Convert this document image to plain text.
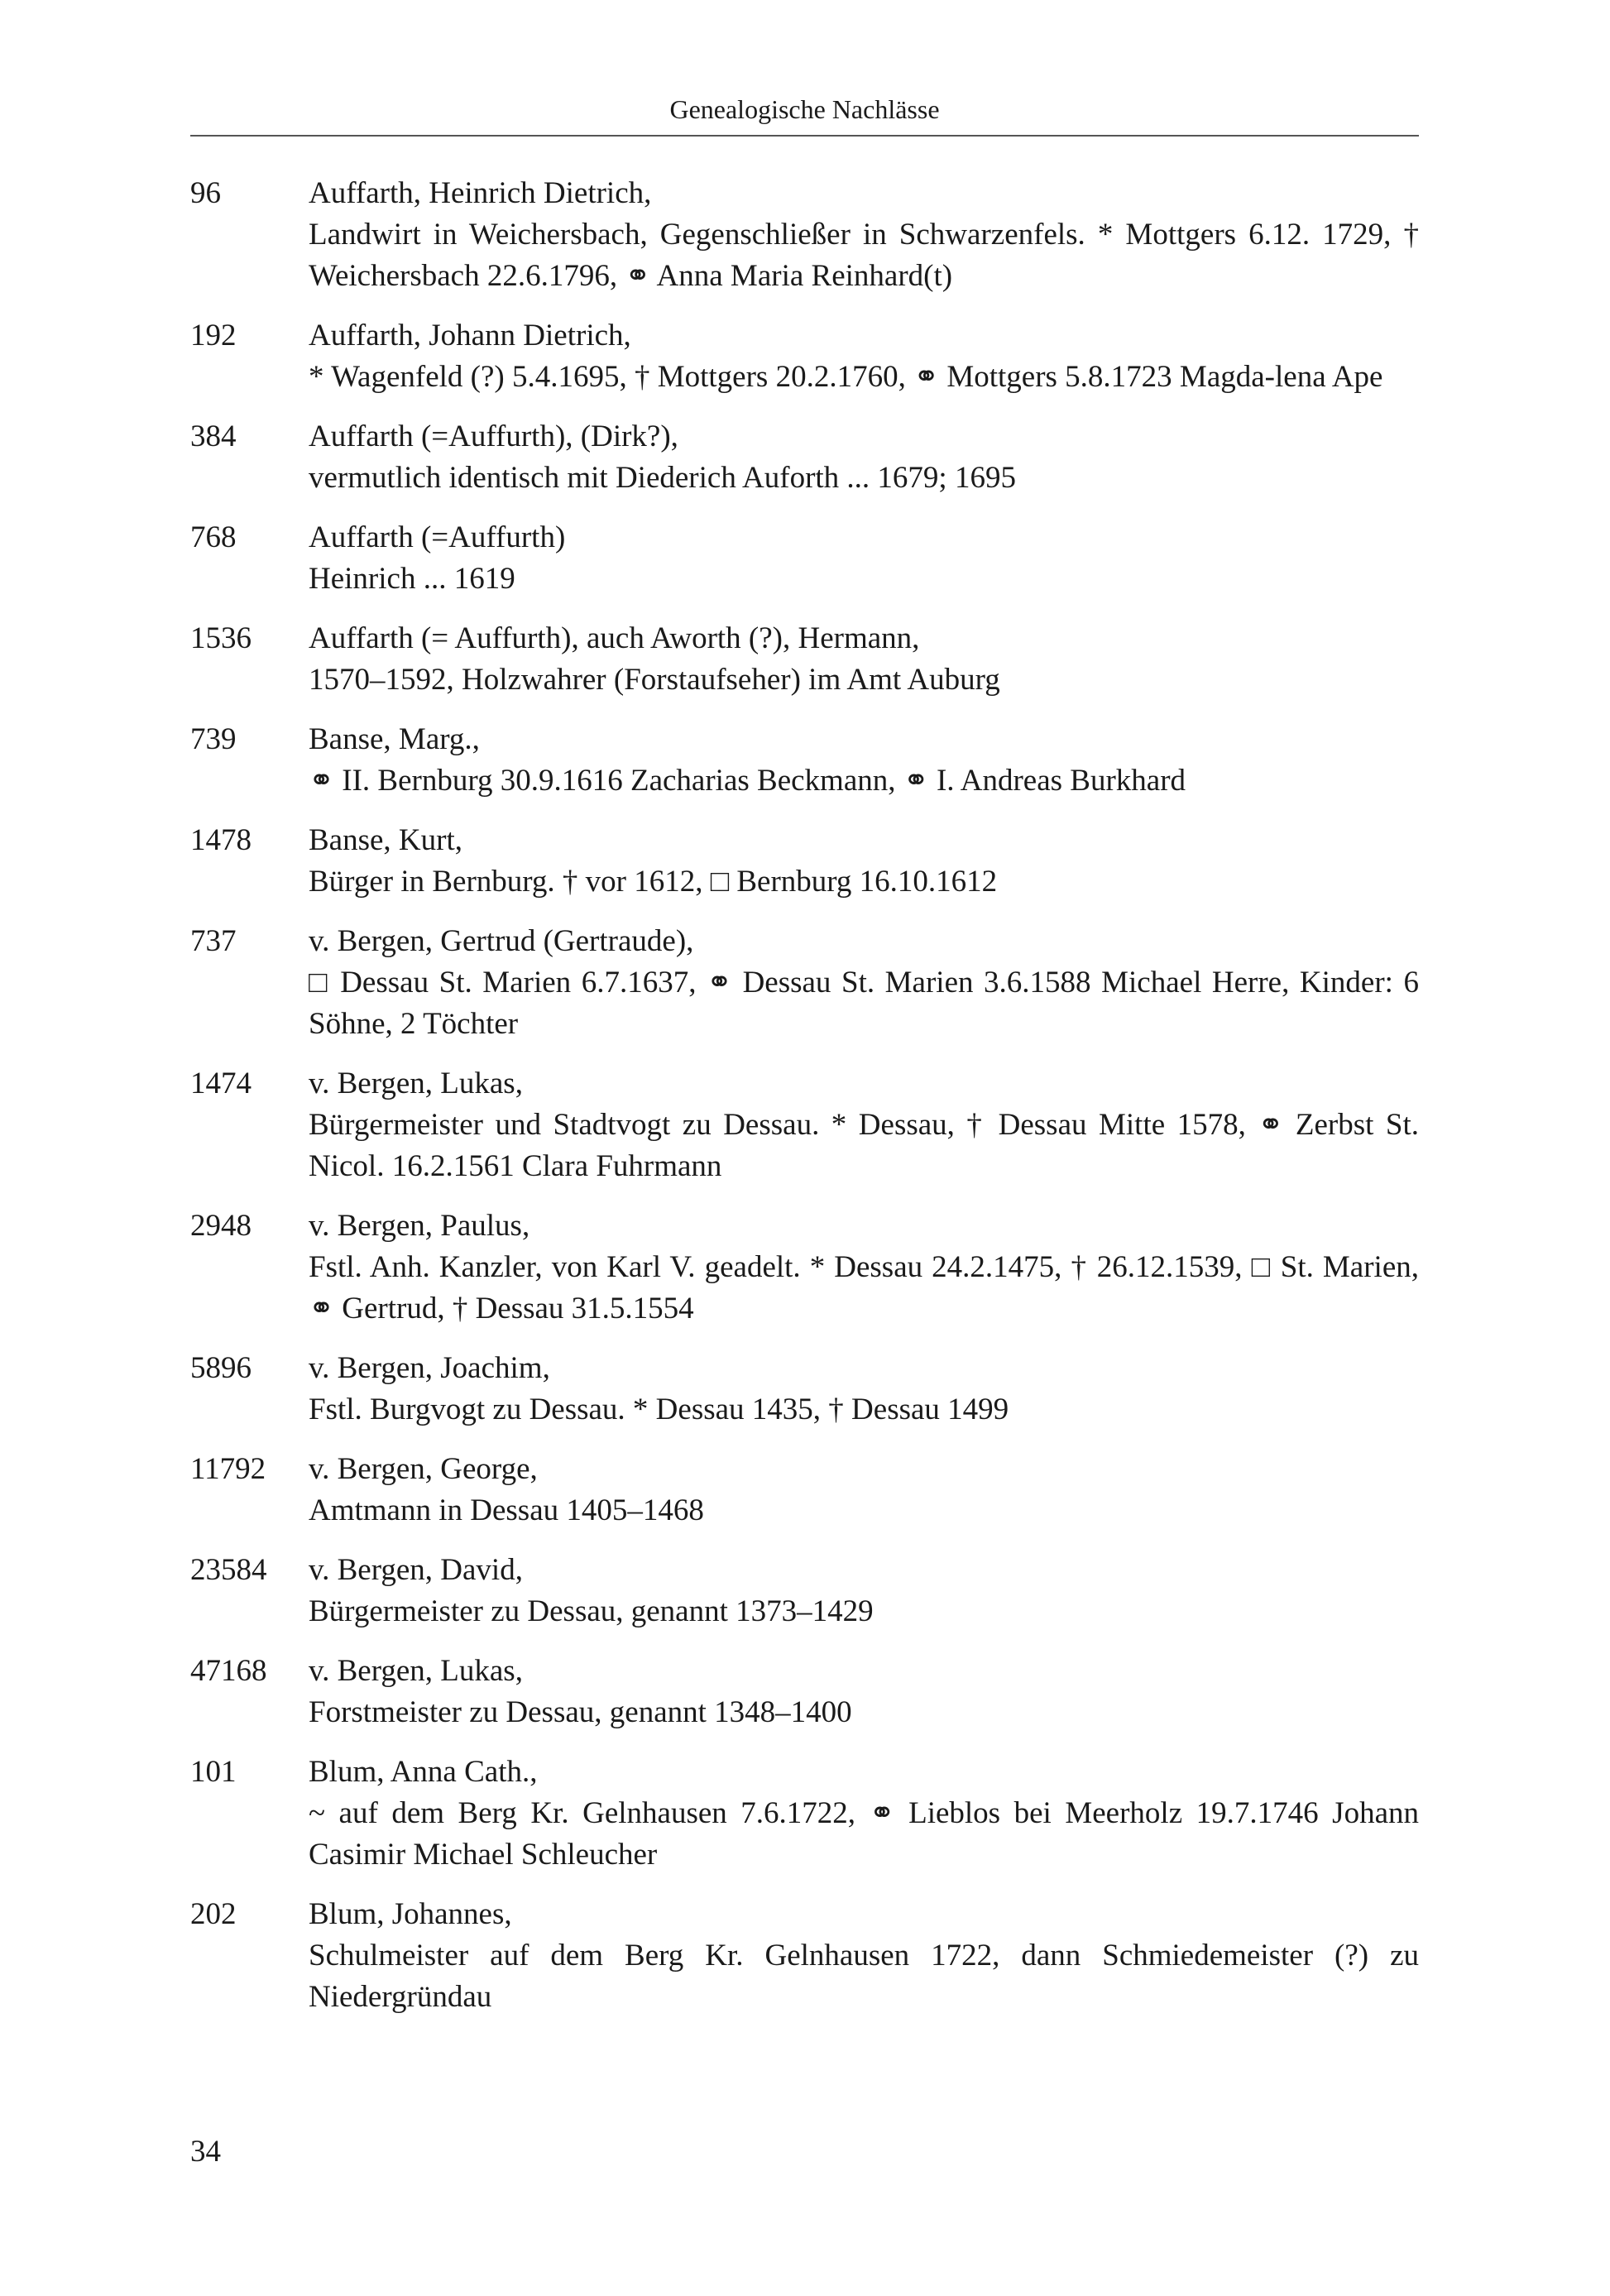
Genealogische Nachlässe
96	Auffarth, Heinrich Dietrich,
Landwirt in Weichersbach, Gegenschließer in Schwarzenfels. * Mottgers 6.12. 1729, † Weichersbach 22.6.1796, ⚭ Anna Maria Reinhard(t)
192 Auffarth, Johann Dietrich,
* Wagenfeld (?) 5.4.1695, † Mottgers 20.2.1760, ⚭ Mottgers 5.8.1723 Magda-lena Ape
384 Auffarth (=Auffurth), (Dirk?),
vermutlich identisch mit Diederich Auforth ... 1679; 1695
768 Auffarth (=Auffurth)
Heinrich ... 1619
1536 Auffarth (= Auffurth), auch Aworth (?), Hermann,
1570–1592, Holzwahrer (Forstaufseher) im Amt Auburg
739 Banse, Marg.,
⚭ II. Bernburg 30.9.1616 Zacharias Beckmann, ⚭ I. Andreas Burkhard
1478 Banse, Kurt,
Bürger in Bernburg. † vor 1612, □ Bernburg 16.10.1612
737 v. Bergen, Gertrud (Gertraude),
□ Dessau St. Marien 6.7.1637, ⚭ Dessau St. Marien 3.6.1588 Michael Herre, Kinder: 6 Söhne, 2 Töchter
1474 v. Bergen, Lukas,
Bürgermeister und Stadtvogt zu Dessau. * Dessau, † Dessau Mitte 1578, ⚭ Zerbst St. Nicol. 16.2.1561 Clara Fuhrmann
2948 v. Bergen, Paulus,
Fstl. Anh. Kanzler, von Karl V. geadelt. * Dessau 24.2.1475, † 26.12.1539, □ St. Marien, ⚭ Gertrud, † Dessau 31.5.1554
5896 v. Bergen, Joachim,
Fstl. Burgvogt zu Dessau. * Dessau 1435, † Dessau 1499
11792 v. Bergen, George,
Amtmann in Dessau 1405–1468
23584 v. Bergen, David,
Bürgermeister zu Dessau, genannt 1373–1429
47168 v. Bergen, Lukas,
Forstmeister zu Dessau, genannt 1348–1400
101 Blum, Anna Cath.,
~ auf dem Berg Kr. Gelnhausen 7.6.1722, ⚭ Lieblos bei Meerholz 19.7.1746 Johann Casimir Michael Schleucher
202 Blum, Johannes,
Schulmeister auf dem Berg Kr. Gelnhausen 1722, dann Schmiedemeister (?) zu Niedergründau
34
